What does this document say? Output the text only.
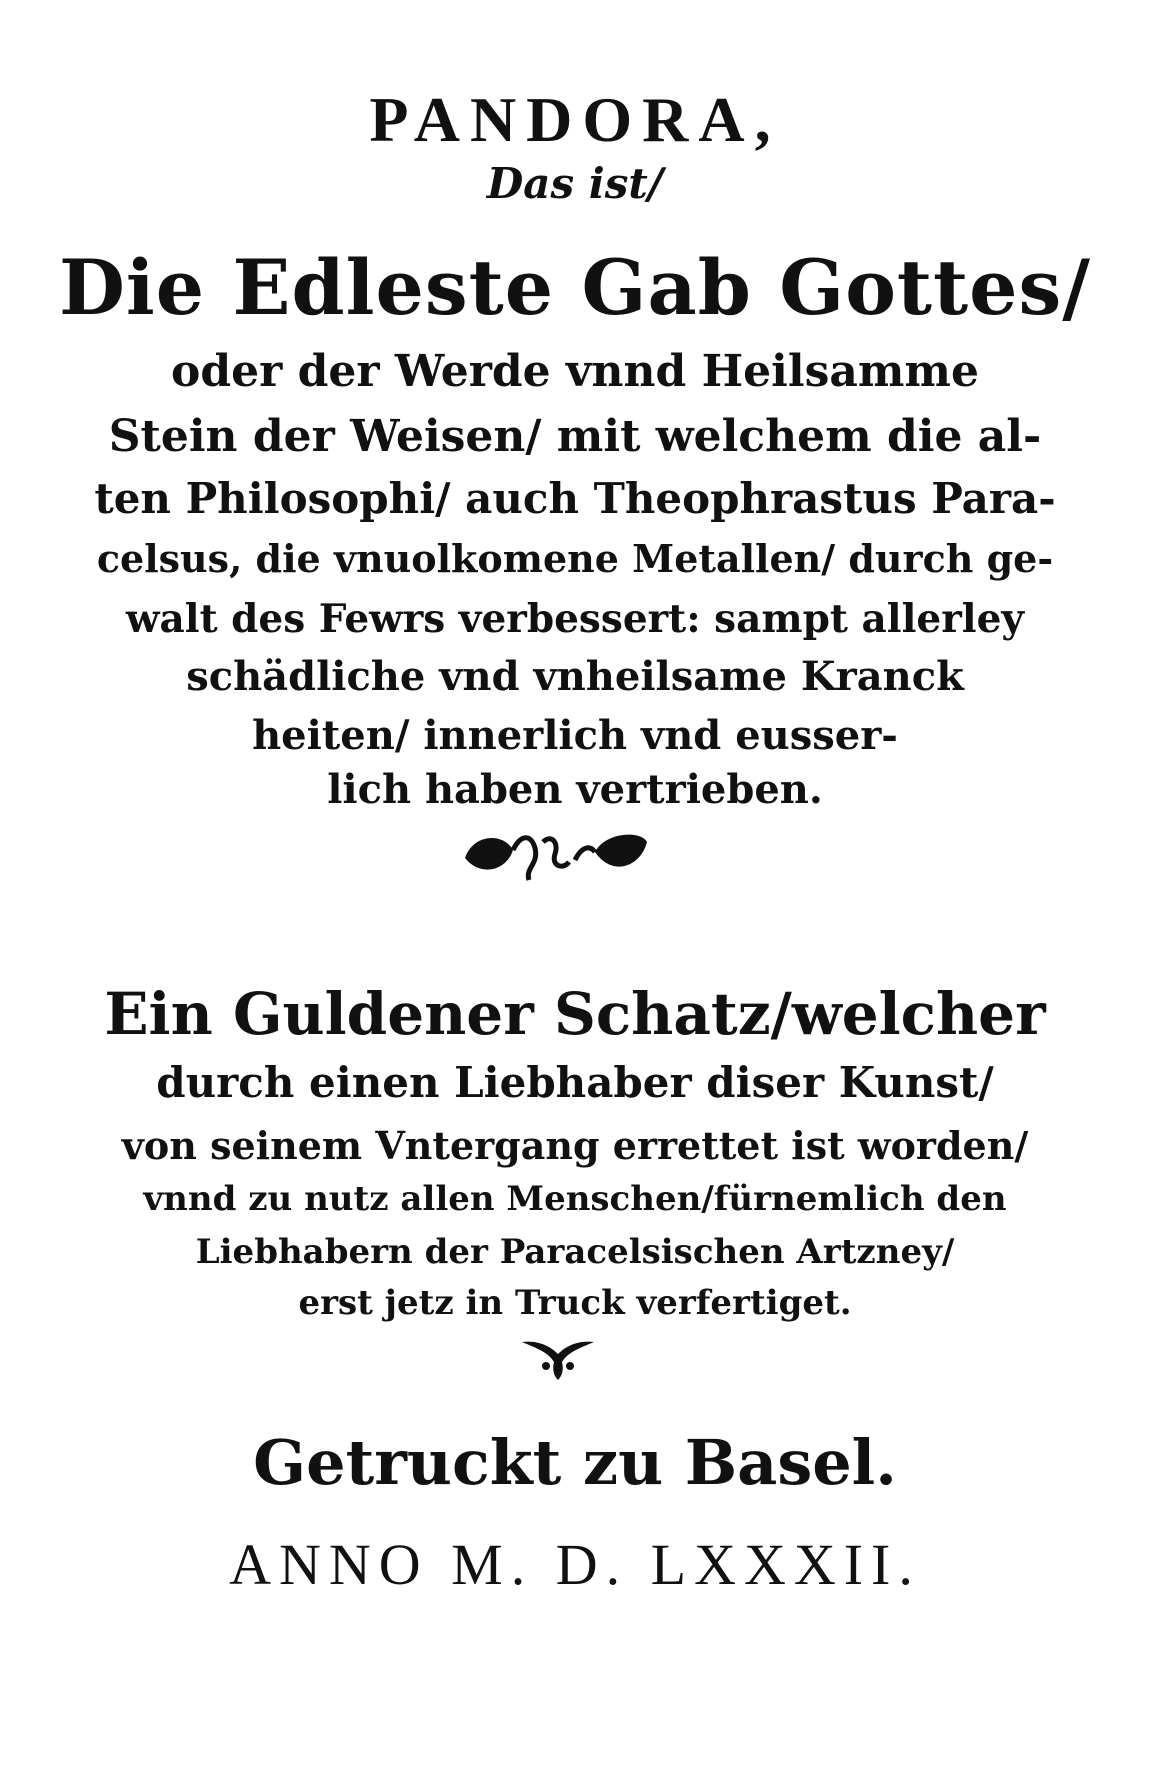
PANDORA,
Das ist/
Die Edleste Gab Gottes/
oder der Werde vnnd Heilsamme
Stein der Weisen/ mit welchem die al-
ten Philosophi/ auch Theophrastus Para-
celsus, die vnuolkomene Metallen/ durch ge-
walt des Fewrs verbessert: sampt allerley
schädliche vnd vnheilsame Kranck
heiten/ innerlich vnd eusser-
lich haben vertrieben.
Ein Guldener Schatz/welcher
durch einen Liebhaber diser Kunst/
von seinem Vntergang errettet ist worden/
vnnd zu nutz allen Menschen/fürnemlich den
Liebhabern der Paracelsischen Artzney/
erst jetz in Truck verfertiget.
Getruckt zu Basel.
ANNO M. D. LXXXII.
